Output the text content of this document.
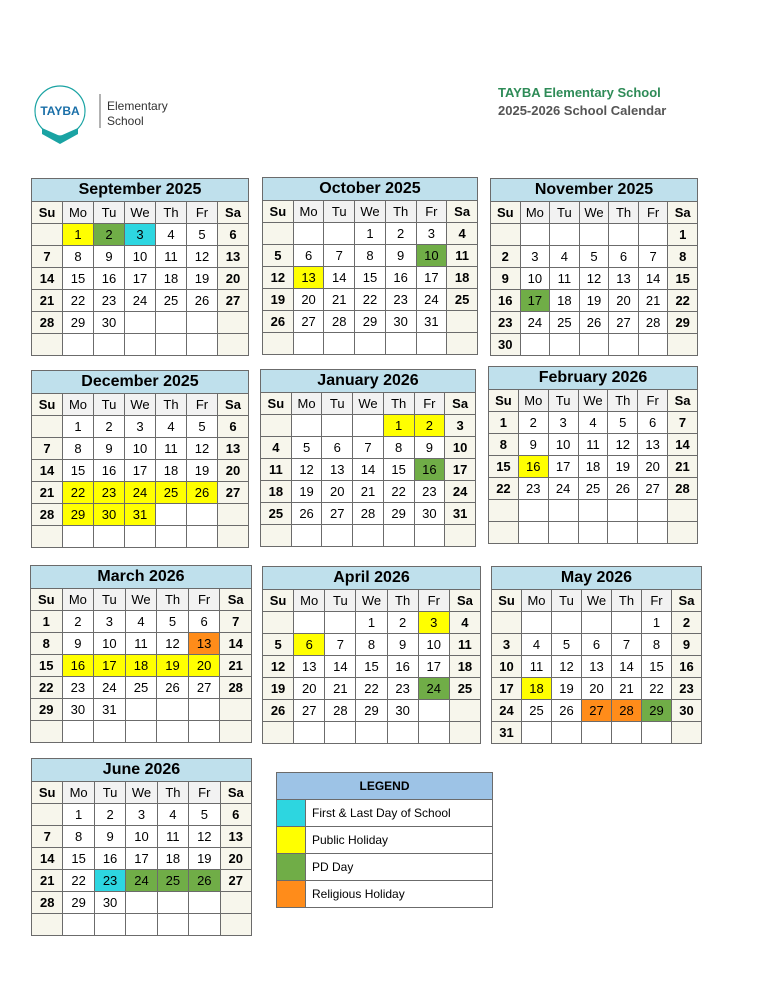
TAYBA Elementary
School
TAYBA Elementary School
2025-2026 School Calendar
September 2025						
Su	Mo	Tu	We	Th	Fr	Sa
	1	2	3	4	5	6
7	8	9	10	11	12	13
14	15	16	17	18	19	20
21	22	23	24	25	26	27
28	29	30				

October 2025						
Su	Mo	Tu	We	Th	Fr	Sa
			1	2	3	4
5	6	7	8	9	10	11
12	13	14	15	16	17	18
19	20	21	22	23	24	25
26	27	28	29	30	31	

November 2025						
Su	Mo	Tu	We	Th	Fr	Sa
						1
2	3	4	5	6	7	8
9	10	11	12	13	14	15
16	17	18	19	20	21	22
23	24	25	26	27	28	29
30						
December 2025						
Su	Mo	Tu	We	Th	Fr	Sa
	1	2	3	4	5	6
7	8	9	10	11	12	13
14	15	16	17	18	19	20
21	22	23	24	25	26	27
28	29	30	31			

January 2026						
Su	Mo	Tu	We	Th	Fr	Sa
				1	2	3
4	5	6	7	8	9	10
11	12	13	14	15	16	17
18	19	20	21	22	23	24
25	26	27	28	29	30	31

February 2026						
Su	Mo	Tu	We	Th	Fr	Sa
1	2	3	4	5	6	7
8	9	10	11	12	13	14
15	16	17	18	19	20	21
22	23	24	25	26	27	28

March 2026						
Su	Mo	Tu	We	Th	Fr	Sa
1	2	3	4	5	6	7
8	9	10	11	12	13	14
15	16	17	18	19	20	21
22	23	24	25	26	27	28
29	30	31				

April 2026						
Su	Mo	Tu	We	Th	Fr	Sa
			1	2	3	4
5	6	7	8	9	10	11
12	13	14	15	16	17	18
19	20	21	22	23	24	25
26	27	28	29	30		

May 2026						
Su	Mo	Tu	We	Th	Fr	Sa
					1	2
3	4	5	6	7	8	9
10	11	12	13	14	15	16
17	18	19	20	21	22	23
24	25	26	27	28	29	30
31						
June 2026						
Su	Mo	Tu	We	Th	Fr	Sa
	1	2	3	4	5	6
7	8	9	10	11	12	13
14	15	16	17	18	19	20
21	22	23	24	25	26	27
28	29	30				

LEGEND	
	First & Last Day of School
	Public Holiday
	PD Day
	Religious Holiday
